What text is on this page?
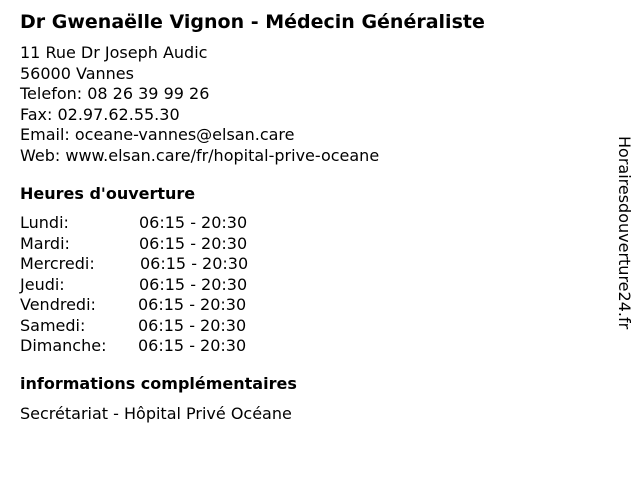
Dr Gwenaëlle Vignon - Médecin Généraliste
11 Rue Dr Joseph Audic
56000 Vannes
Telefon: 08 26 39 99 26
Fax: 02.97.62.55.30
Email: oceane-vannes@elsan.care
Web: www.elsan.care/fr/hopital-prive-oceane
Heures d'ouverture
Lundi:	06:15 - 20:30
Mardi:	06:15 - 20:30
Mercredi:	06:15 - 20:30
Jeudi:	06:15 - 20:30
Vendredi:	06:15 - 20:30
Samedi:	06:15 - 20:30
Dimanche: 06:15 - 20:30
informations complémentaires
Secrétariat - Hôpital Privé Océane
Horairesdouverture24.fr
